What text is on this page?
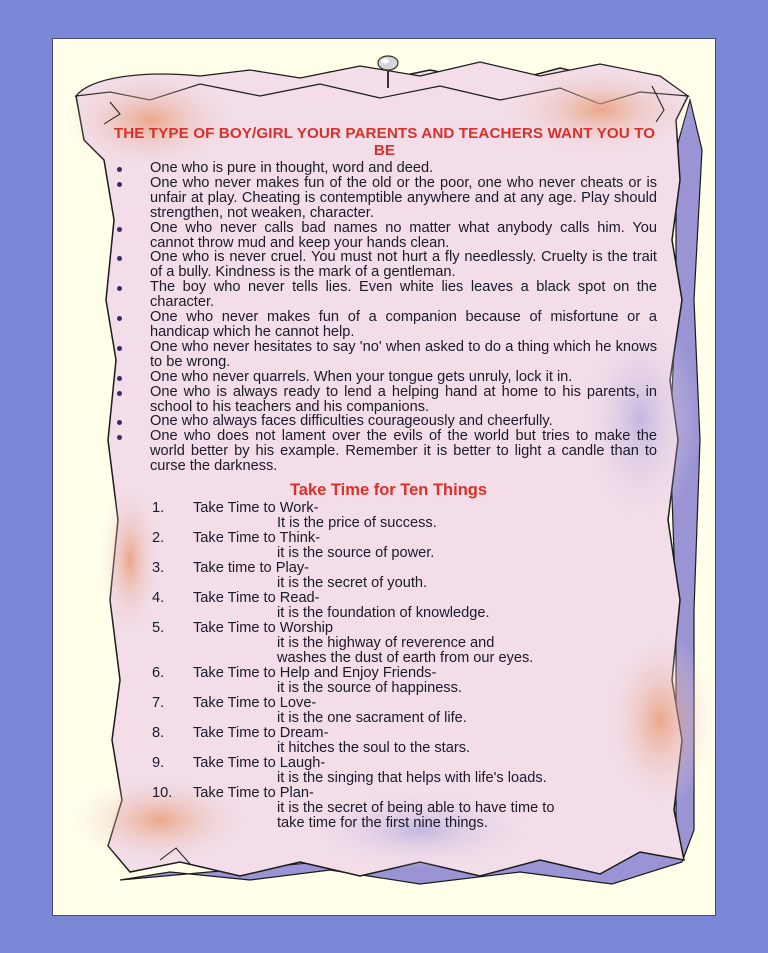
THE TYPE OF BOY/GIRL YOUR PARENTS AND TEACHERS WANT YOU TO BE
One who is pure in thought, word and deed.
One who never makes fun of the old or the poor, one who never cheats or is unfair at play. Cheating is contemptible anywhere and at any age. Play should strengthen, not weaken, character.
One who never calls bad names no matter what anybody calls him. You cannot throw mud and keep your hands clean.
One who is never cruel. You must not hurt a fly needlessly. Cruelty is the trait of a bully. Kindness is the mark of a gentleman.
The boy who never tells lies. Even white lies leaves a black spot on the character.
One who never makes fun of a companion because of misfortune or a handicap which he cannot help.
One who never hesitates to say 'no' when asked to do a thing which he knows to be wrong.
One who never quarrels. When your tongue gets unruly, lock it in.
One who is always ready to lend a helping hand at home to his parents, in school to his teachers and his companions.
One who always faces difficulties courageously and cheerfully.
One who does not lament over the evils of the world but tries to make the world better by his example. Remember it is better to light a candle than to curse the darkness.
Take Time for Ten Things
1.	Take Time to Work-
It is the price of success.
2.	Take Time to Think-
it is the source of power.
3.	Take time to Play-
it is the secret of youth.
4.	Take Time to Read-
it is the foundation of knowledge.
5.	Take Time to Worship
it is the highway of reverence and
washes the dust of earth from our eyes.
6.	Take Time to Help and Enjoy Friends-
it is the source of happiness.
7.	Take Time to Love-
it is the one sacrament of life.
8.	Take Time to Dream-
it hitches the soul to the stars.
9.	Take Time to Laugh-
it is the singing that helps with life's loads.
10.	Take Time to Plan-
it is the secret of being able to have time to
take time for the first nine things.
